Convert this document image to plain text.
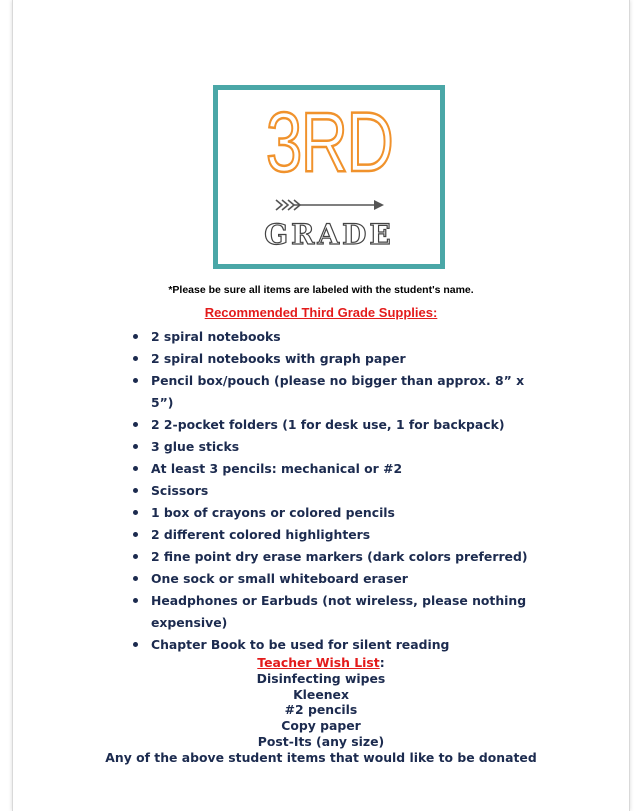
3RD
GRADE
*Please be sure all items are labeled with the student's name.
Recommended Third Grade Supplies:
2 spiral notebooks
2 spiral notebooks with graph paper
Pencil box/pouch (please no bigger than approx. 8” x 5”)
2 2-pocket folders (1 for desk use, 1 for backpack)
3 glue sticks
At least 3 pencils: mechanical or #2
Scissors
1 box of crayons or colored pencils
2 different colored highlighters
2 fine point dry erase markers (dark colors preferred)
One sock or small whiteboard eraser
Headphones or Earbuds (not wireless, please nothing expensive)
Chapter Book to be used for silent reading
Teacher Wish List:
Disinfecting wipes
Kleenex
#2 pencils
Copy paper
Post-Its (any size)
Any of the above student items that would like to be donated
